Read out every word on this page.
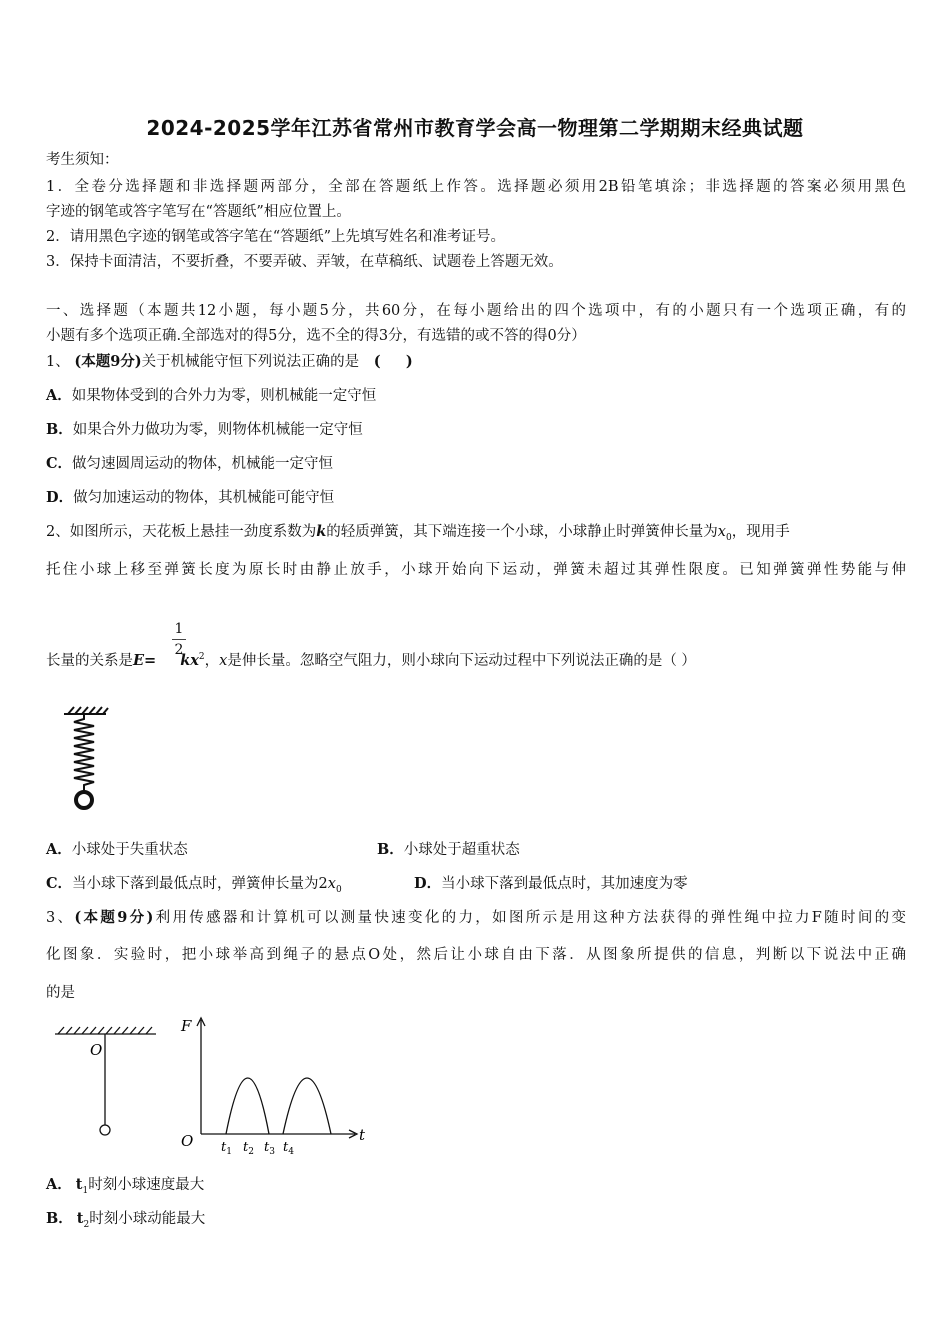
2024-2025学年江苏省常州市教育学会高一物理第二学期期末经典试题
考生须知：
1．全卷分选择题和非选择题两部分，全部在答题纸上作答。选择题必须用2B铅笔填涂；非选择题的答案必须用黑色
字迹的钢笔或答字笔写在“答题纸”相应位置上。
2．请用黑色字迹的钢笔或答字笔在“答题纸”上先填写姓名和准考证号。
3．保持卡面清洁，不要折叠，不要弄破、弄皱，在草稿纸、试题卷上答题无效。
一、选择题（本题共12小题，每小题5分，共60分，在每小题给出的四个选项中，有的小题只有一个选项正确，有的
小题有多个选项正确.全部选对的得5分，选不全的得3分，有选错的或不答的得0分）
1、 (本题9分)关于机械能守恒下列说法正确的是 (     )
A．如果物体受到的合外力为零，则机械能一定守恒
B．如果合外力做功为零，则物体机械能一定守恒
C．做匀速圆周运动的物体，机械能一定守恒
D．做匀加速运动的物体，其机械能可能守恒
2、如图所示，天花板上悬挂一劲度系数为k的轻质弹簧，其下端连接一个小球，小球静止时弹簧伸长量为$x_0$，现用手
托住小球上移至弹簧长度为原长时由静止放手，小球开始向下运动，弹簧未超过其弹性限度。已知弹簧弹性势能与伸
1
2
长量的关系是$E= kx^2$，x是伸长量。忽略空气阻力，则小球向下运动过程中下列说法正确的是（ ）
A．小球处于失重状态	B．小球处于超重状态
C．当小球下落到最低点时，弹簧伸长量为$2x_0$	D．当小球下落到最低点时，其加速度为零
3、(本题9分)利用传感器和计算机可以测量快速变化的力，如图所示是用这种方法获得的弹性绳中拉力F随时间的变
化图象．实验时，把小球举高到绳子的悬点O处，然后让小球自由下落．从图象所提供的信息，判断以下说法中正确
的是
O
F
t
O $t_1$ $t_2$ $t_3$ $t_4$
A． $t_1$时刻小球速度最大
B． $t_2$时刻小球动能最大
